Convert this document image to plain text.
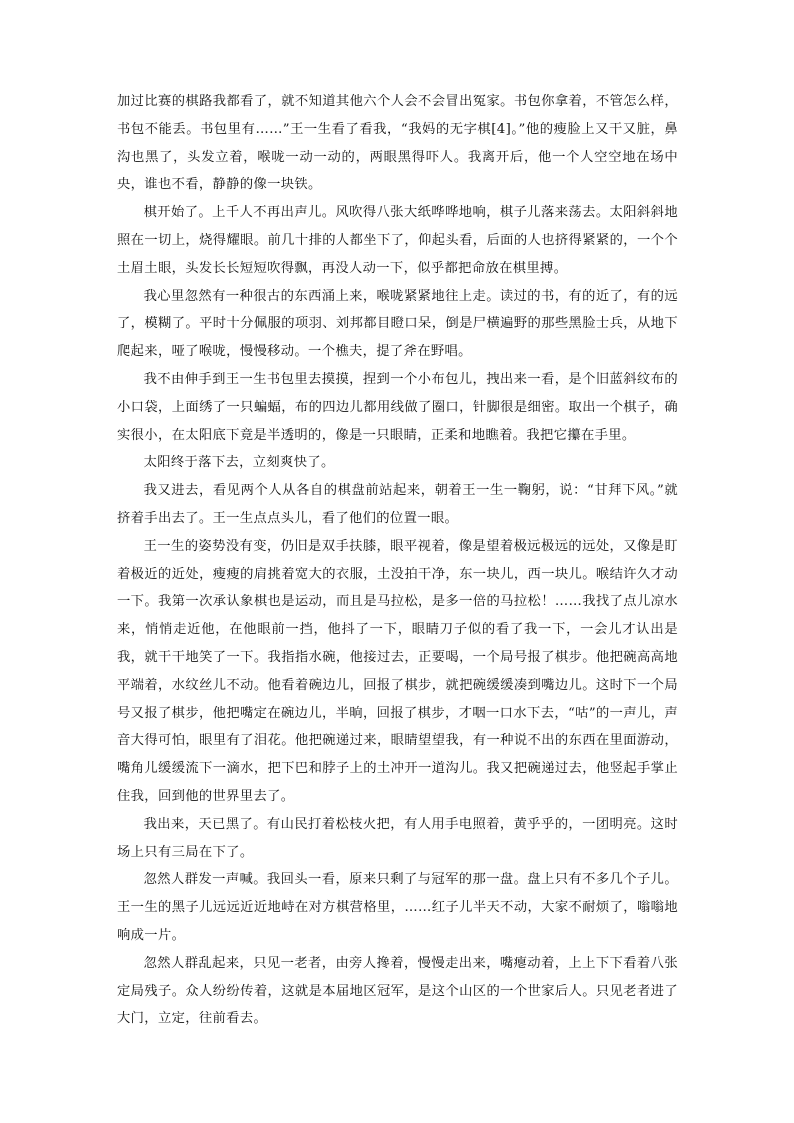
加过比赛的棋路我都看了，就不知道其他六个人会不会冒出冤家。书包你拿着，不管怎么样，书包不能丢。书包里有……”王一生看了看我，“我妈的无字棋[4]。”他的瘦脸上又干又脏，鼻沟也黑了，头发立着，喉咙一动一动的，两眼黑得吓人。我离开后，他一个人空空地在场中央，谁也不看，静静的像一块铁。

棋开始了。上千人不再出声儿。风吹得八张大纸哗哗地响，棋子儿落来荡去。太阳斜斜地照在一切上，烧得耀眼。前几十排的人都坐下了，仰起头看，后面的人也挤得紧紧的，一个个土眉土眼，头发长长短短吹得飘，再没人动一下，似乎都把命放在棋里搏。

我心里忽然有一种很古的东西涌上来，喉咙紧紧地往上走。读过的书，有的近了，有的远了，模糊了。平时十分佩服的项羽、刘邦都目瞪口呆，倒是尸横遍野的那些黑脸士兵，从地下爬起来，哑了喉咙，慢慢移动。一个樵夫，提了斧在野唱。

我不由伸手到王一生书包里去摸摸，捏到一个小布包儿，拽出来一看，是个旧蓝斜纹布的小口袋，上面绣了一只蝙蝠，布的四边儿都用线做了圈口，针脚很是细密。取出一个棋子，确实很小，在太阳底下竟是半透明的，像是一只眼睛，正柔和地瞧着。我把它攥在手里。

太阳终于落下去，立刻爽快了。

我又进去，看见两个人从各自的棋盘前站起来，朝着王一生一鞠躬，说：“甘拜下风。”就挤着手出去了。王一生点点头儿，看了他们的位置一眼。

王一生的姿势没有变，仍旧是双手扶膝，眼平视着，像是望着极远极远的远处，又像是盯着极近的近处，瘦瘦的肩挑着宽大的衣服，土没拍干净，东一块儿，西一块儿。喉结许久才动一下。我第一次承认象棋也是运动，而且是马拉松，是多一倍的马拉松！……我找了点儿凉水来，悄悄走近他，在他眼前一挡，他抖了一下，眼睛刀子似的看了我一下，一会儿才认出是我，就干干地笑了一下。我指指水碗，他接过去，正要喝，一个局号报了棋步。他把碗高高地平端着，水纹丝儿不动。他看着碗边儿，回报了棋步，就把碗缓缓凑到嘴边儿。这时下一个局号又报了棋步，他把嘴定在碗边儿，半晌，回报了棋步，才咽一口水下去，“咕”的一声儿，声音大得可怕，眼里有了泪花。他把碗递过来，眼睛望望我，有一种说不出的东西在里面游动，嘴角儿缓缓流下一滴水，把下巴和脖子上的土冲开一道沟儿。我又把碗递过去，他竖起手掌止住我，回到他的世界里去了。

我出来，天已黑了。有山民打着松枝火把，有人用手电照着，黄乎乎的，一团明亮。这时场上只有三局在下了。

忽然人群发一声喊。我回头一看，原来只剩了与冠军的那一盘。盘上只有不多几个子儿。王一生的黑子儿远远近近地峙在对方棋营格里，……红子儿半天不动，大家不耐烦了，嗡嗡地响成一片。

忽然人群乱起来，只见一老者，由旁人搀着，慢慢走出来，嘴瘪动着，上上下下看着八张定局残子。众人纷纷传着，这就是本届地区冠军，是这个山区的一个世家后人。只见老者进了大门，立定，往前看去。
